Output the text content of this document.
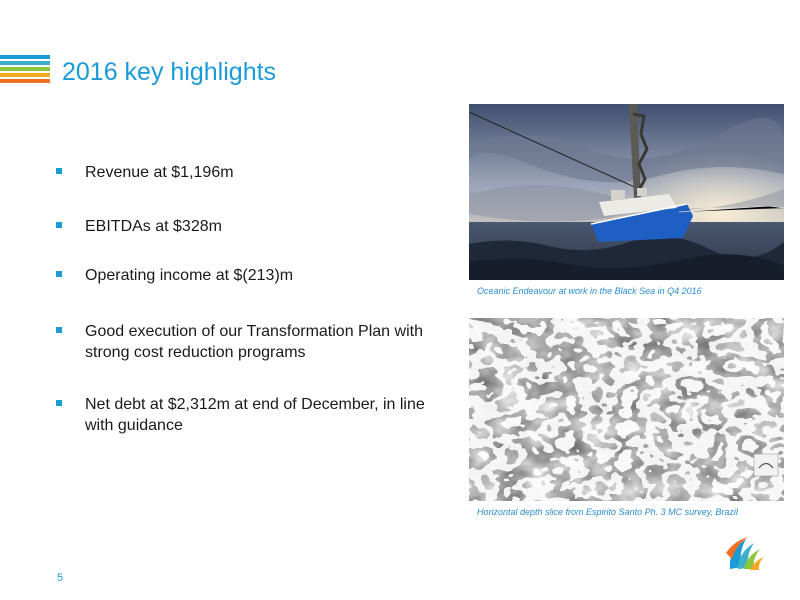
2016 key highlights
Revenue at $1,196m
EBITDAs at $328m
Operating income at $(213)m
Good execution of our Transformation Plan with strong cost reduction programs
Net debt at $2,312m at end of December, in line with guidance
Oceanic Endeavour at work in the Black Sea in Q4 2016
IMAGED
BY CGG
Horizontal depth slice from Espirito Santo Ph. 3 MC survey, Brazil
5
